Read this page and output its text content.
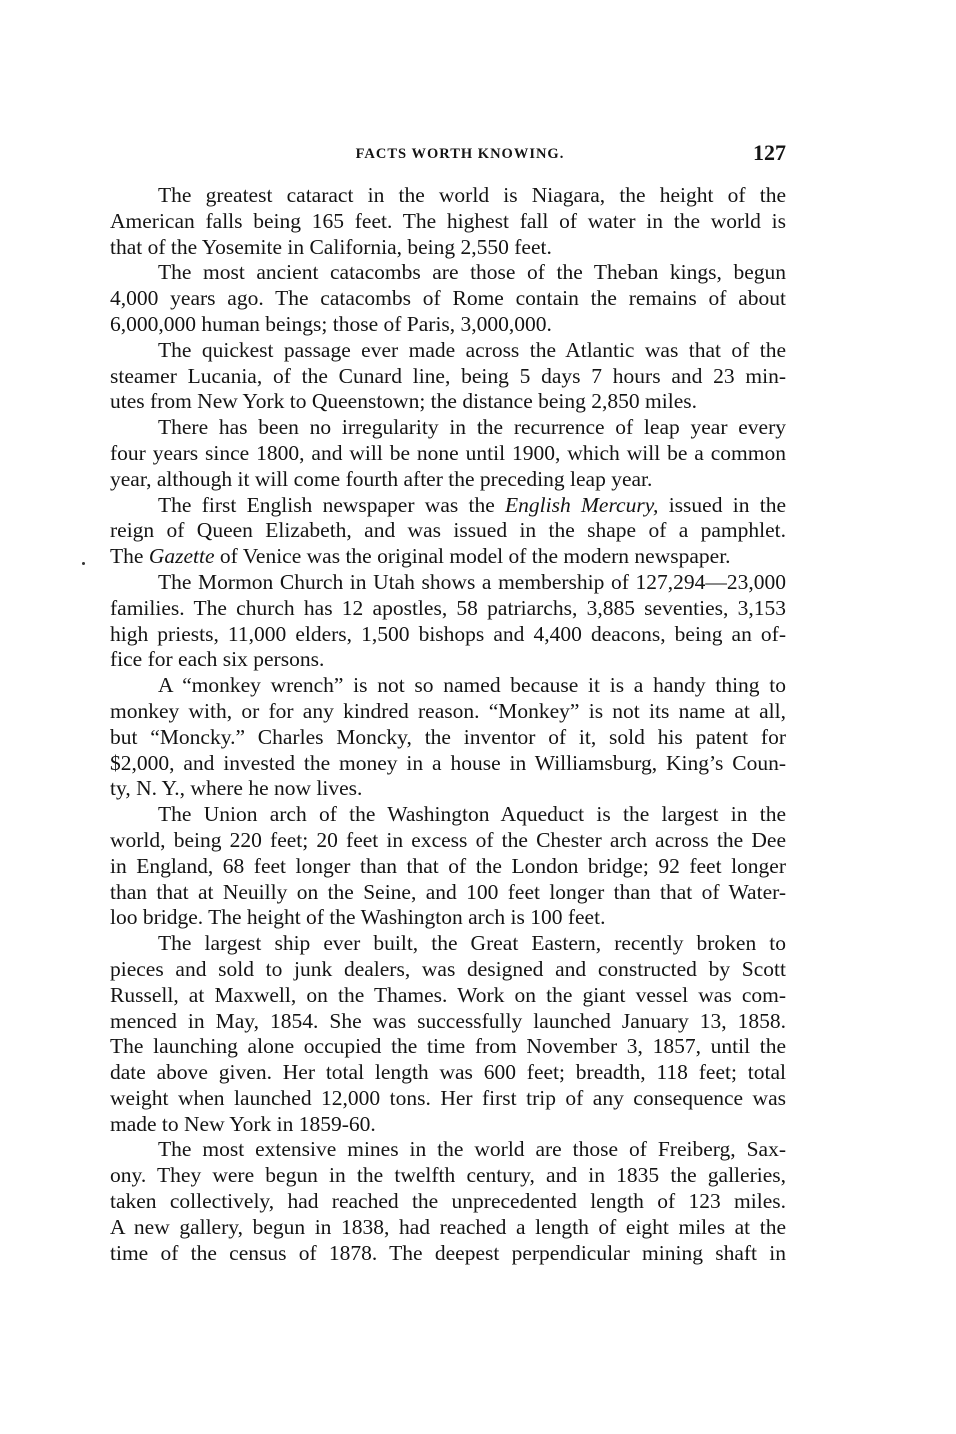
FACTS WORTH KNOWING.	127
The greatest cataract in the world is Niagara, the height of the
American falls being 165 feet. The highest fall of water in the world is
that of the Yosemite in California, being 2,550 feet.
The most ancient catacombs are those of the Theban kings, begun
4,000 years ago. The catacombs of Rome contain the remains of about
6,000,000 human beings; those of Paris, 3,000,000.
The quickest passage ever made across the Atlantic was that of the
steamer Lucania, of the Cunard line, being 5 days 7 hours and 23 min-
utes from New York to Queenstown; the distance being 2,850 miles.
There has been no irregularity in the recurrence of leap year every
four years since 1800, and will be none until 1900, which will be a common
year, although it will come fourth after the preceding leap year.
The first English newspaper was the English Mercury, issued in the
reign of Queen Elizabeth, and was issued in the shape of a pamphlet.
The Gazette of Venice was the original model of the modern newspaper.
The Mormon Church in Utah shows a membership of 127,294—23,000
families. The church has 12 apostles, 58 patriarchs, 3,885 seventies, 3,153
high priests, 11,000 elders, 1,500 bishops and 4,400 deacons, being an of-
fice for each six persons.
A “monkey wrench” is not so named because it is a handy thing to
monkey with, or for any kindred reason. “Monkey” is not its name at all,
but “Moncky.” Charles Moncky, the inventor of it, sold his patent for
$2,000, and invested the money in a house in Williamsburg, King’s Coun-
ty, N. Y., where he now lives.
The Union arch of the Washington Aqueduct is the largest in the
world, being 220 feet; 20 feet in excess of the Chester arch across the Dee
in England, 68 feet longer than that of the London bridge; 92 feet longer
than that at Neuilly on the Seine, and 100 feet longer than that of Water-
loo bridge. The height of the Washington arch is 100 feet.
The largest ship ever built, the Great Eastern, recently broken to
pieces and sold to junk dealers, was designed and constructed by Scott
Russell, at Maxwell, on the Thames. Work on the giant vessel was com-
menced in May, 1854. She was successfully launched January 13, 1858.
The launching alone occupied the time from November 3, 1857, until the
date above given. Her total length was 600 feet; breadth, 118 feet; total
weight when launched 12,000 tons. Her first trip of any consequence was
made to New York in 1859-60.
The most extensive mines in the world are those of Freiberg, Sax-
ony. They were begun in the twelfth century, and in 1835 the galleries,
taken collectively, had reached the unprecedented length of 123 miles.
A new gallery, begun in 1838, had reached a length of eight miles at the
time of the census of 1878. The deepest perpendicular mining shaft in
